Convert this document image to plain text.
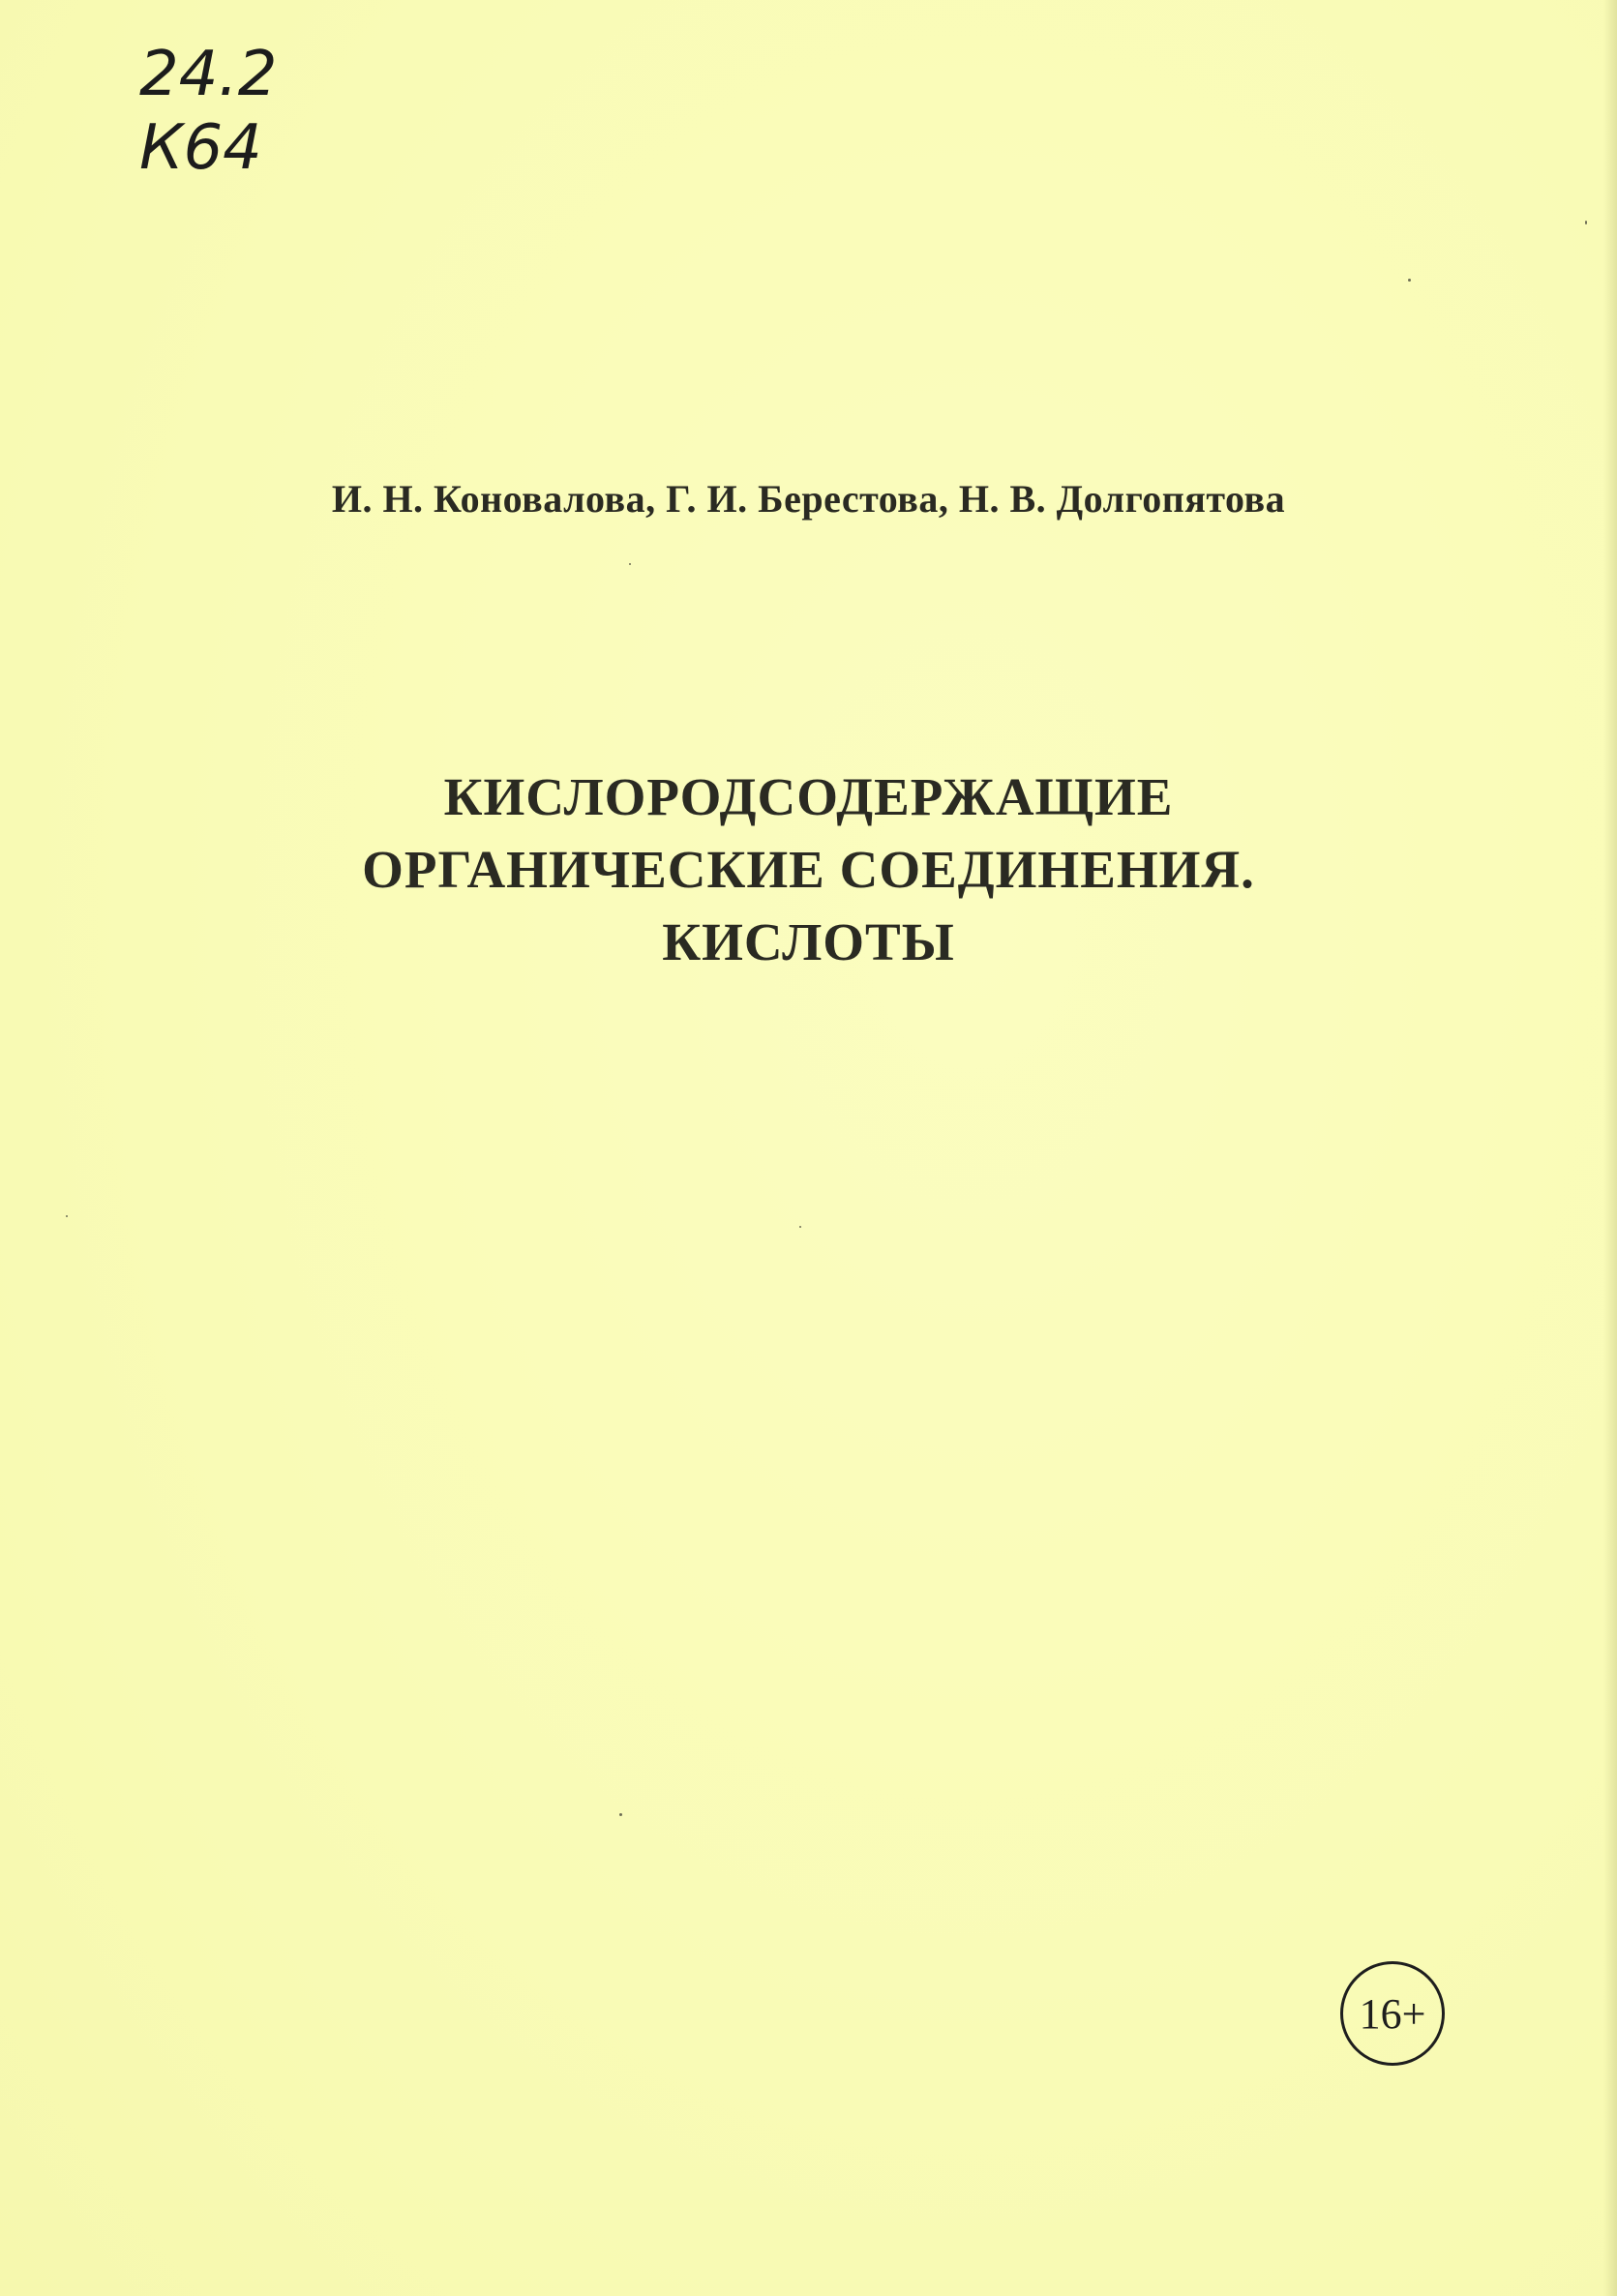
24.2
К64
И. Н. Коновалова, Г. И. Берестова, Н. В. Долгопятова
КИСЛОРОДСОДЕРЖАЩИЕ
ОРГАНИЧЕСКИЕ СОЕДИНЕНИЯ.
КИСЛОТЫ
16+
